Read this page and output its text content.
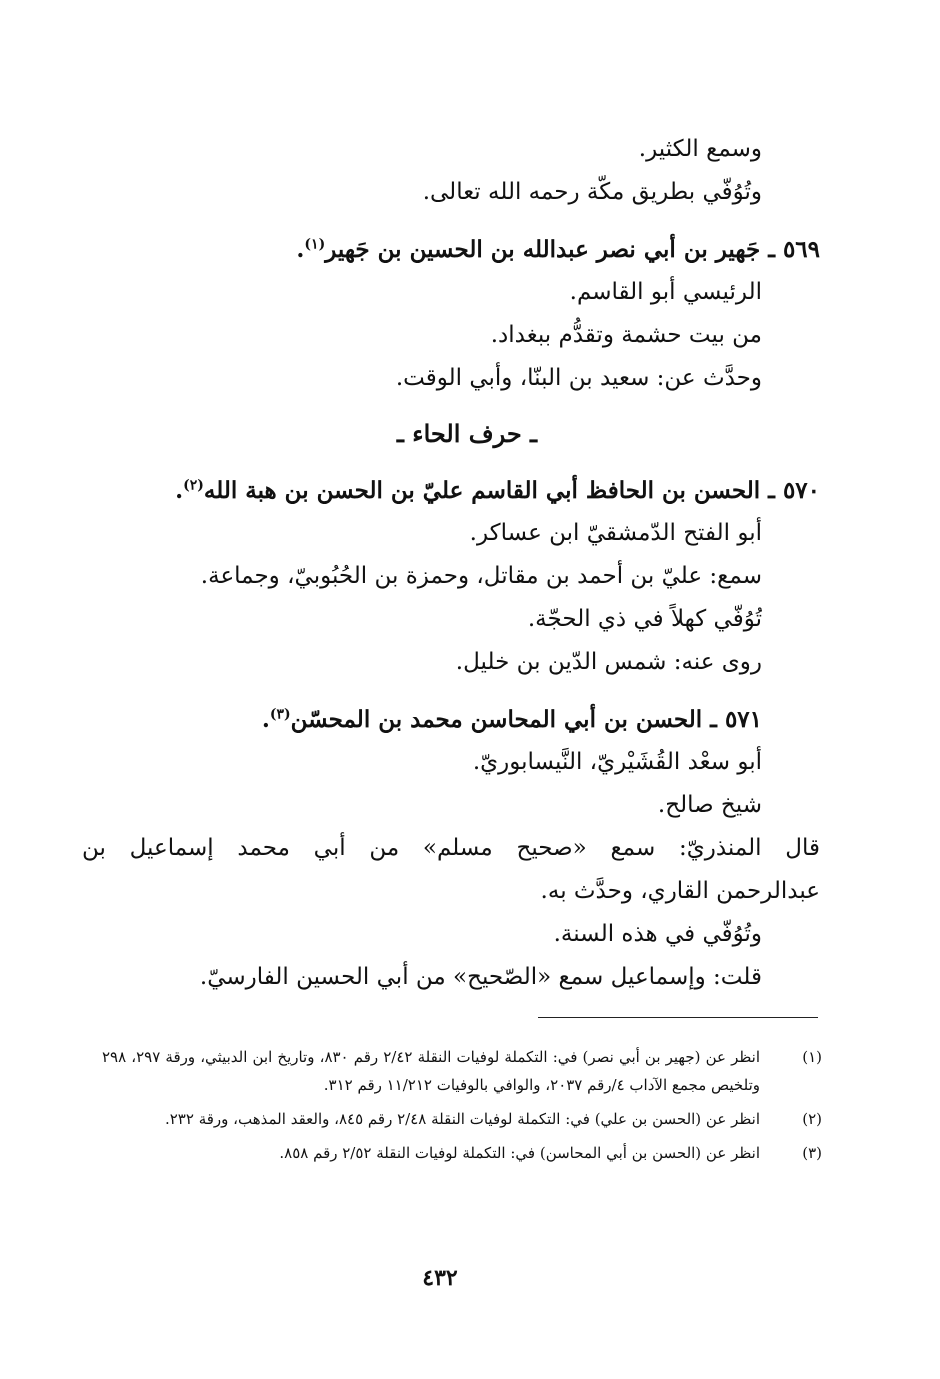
وسمع الكثير.
وتُوُفّي بطريق مكّة رحمه الله تعالى.
٥٦٩ ـ جَهير بن أبي نصر عبدالله بن الحسين بن جَهير$^{(١)}$.
الرئيسي أبو القاسم.
من بيت حشمة وتقدُّم ببغداد.
وحدَّث عن: سعيد بن البنّا، وأبي الوقت.
ـ حرف الحاء ـ
٥٧٠ ـ الحسن بن الحافظ أبي القاسم عليّ بن الحسن بن هبة الله$^{(٢)}$.
أبو الفتح الدّمشقيّ ابن عساكر.
سمع: عليّ بن أحمد بن مقاتل، وحمزة بن الحُبُوبيّ، وجماعة.
تُوُفّي كهلاً في ذي الحجّة.
روى عنه: شمس الدّين بن خليل.
٥٧١ ـ الحسن بن أبي المحاسن محمد بن المحسّن$^{(٣)}$.
أبو سعْد القُشَيْريّ، النَّيسابوريّ.
شيخ صالح.
قال المنذريّ: سمع «صحيح مسلم» من أبي محمد إسماعيل بن
عبدالرحمن القاري، وحدَّث به.
وتُوُفّي في هذه السنة.
قلت: وإسماعيل سمع «الصّحيح» من أبي الحسين الفارسيّ.
(١)
انظر عن (جهير بن أبي نصر) في: التكملة لوفيات النقلة ٢/٤٢ رقم ٨٣٠، وتاريخ ابن الدبيثي، ورقة ٢٩٧، ٢٩٨ وتلخيص مجمع الآداب ٤/رقم ٢٠٣٧، والوافي بالوفيات ١١/٢١٢ رقم ٣١٢.
(٢)
انظر عن (الحسن بن علي) في: التكملة لوفيات النقلة ٢/٤٨ رقم ٨٤٥، والعقد المذهب، ورقة ٢٣٢.
(٣)
انظر عن (الحسن بن أبي المحاسن) في: التكملة لوفيات النقلة ٢/٥٢ رقم ٨٥٨.
٤٣٢
